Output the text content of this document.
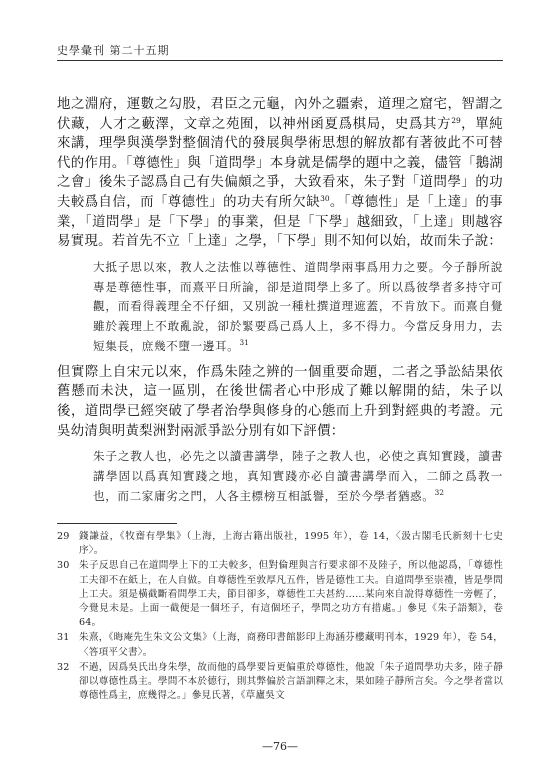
史學彙刊 第二十五期

地之淵府，運數之勾股，君臣之元龜，內外之疆索，道理之窟宅，智謂之伏藏，人才之藪澤，文章之苑囿，以神州函夏爲棋局，史爲其方$^{29}$，單純來講，理學與漢學對整個清代的發展與學術思想的解放都有著彼此不可替代的作用。「尊德性」與「道問學」本身就是儒學的題中之義，儘管「鵝湖之會」後朱子認爲自己有失偏頗之爭，大致看來，朱子對「道問學」的功夫較爲自信，而「尊德性」的功夫有所欠缺$^{30}$。「尊德性」是「上達」的事業，「道問學」是「下學」的事業，但是「下學」越細致，「上達」則越容易實現。若首先不立「上達」之學，「下學」則不知何以始，故而朱子說：

大抵子思以來，教人之法惟以尊德性、道問學兩事爲用力之要。今子靜所說專是尊德性事，而熹平日所論，卻是道問學上多了。所以爲彼學者多持守可觀，而看得義理全不仔細，又別說一種杜撰道理遮蓋，不肯放下。而熹自覺雖於義理上不敢亂說，卻於緊要爲己爲人上，多不得力。今當反身用力，去短集長，庶幾不墮一邊耳。$^{31}$

但實際上自宋元以來，作爲朱陸之辨的一個重要命題，二者之爭訟結果依舊懸而未決，這一區別，在後世儒者心中形成了難以解開的結，朱子以後，道問學已經突破了學者治學與修身的心態而上升到對經典的考證。元吳幼清與明黃梨洲對兩派爭訟分別有如下評價：

朱子之教人也，必先之以讀書講學，陸子之教人也，必使之真知實踐，讀書講學固以爲真知實踐之地，真知實踐亦必自讀書講學而入，二師之爲教一也，而二家庸劣之門，人各主標榜互相詆譽，至於今學者猶惑。$^{32}$

29 錢謙益，《牧齋有學集》（上海，上海古籍出版社，1995 年），卷 14，〈汲古閣毛氏新刻十七史序〉。
30 朱子反思自己在道問學上下的工夫較多，但對倫理與言行要求卻不及陸子，所以他認爲，「尊德性工夫卻不在紙上，在人自做。自尊德性至敦厚凡五件，皆是德性工夫。自道問學至崇禮，皆是學問上工夫。須是橫截斷看問學工夫，節目卻多，尊德性工夫甚約……某向來自說得尊德性一旁輕了，今覺見未是。上面一截便是一個坯子，有這個坯子，學問之功方有措處。」參見《朱子語類》，卷 64。
31 朱熹，《晦庵先生朱文公文集》（上海，商務印書館影印上海涵芬樓藏明刊本，1929 年），卷 54，〈答項平父書〉。
32 不過，因爲吳氏出身朱學，故而他的爲學要旨更偏重於尊德性，他說「朱子道問學功夫多，陸子靜卻以尊德性爲主。學問不本於德行，則其弊偏於言語訓釋之末，果如陸子靜所言矣。今之學者當以尊德性爲主，庶幾得之。」參見氏著，《草廬吳文
—76—
